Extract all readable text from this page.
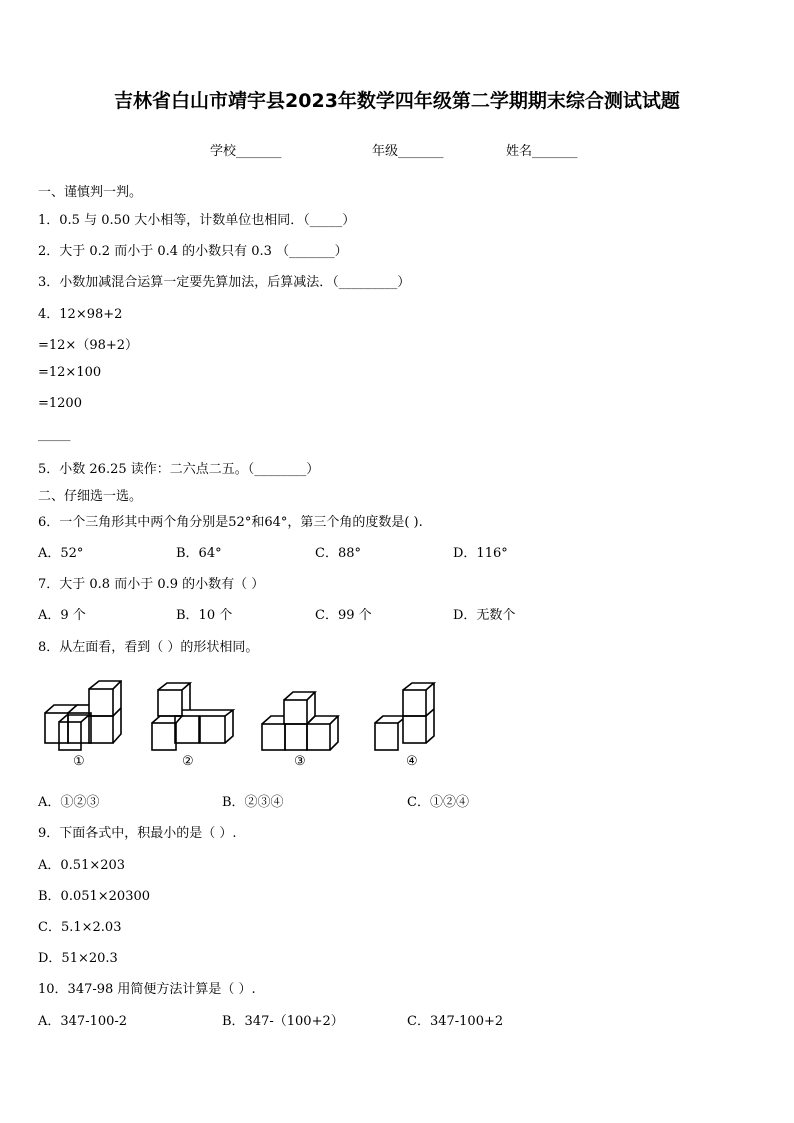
吉林省白山市靖宇县2023年数学四年级第二学期期末综合测试试题
学校_______	年级_______	姓名_______
一、谨慎判一判。
1．0.5 与 0.50 大小相等，计数单位也相同．（_____）
2．大于 0.2 而小于 0.4 的小数只有 0.3 （_______）
3．小数加减混合运算一定要先算加法，后算减法．（_________）
4．12×98+2
=12×（98+2）
=12×100
=1200
_____
5．小数 26.25 读作：二六点二五。（________）
二、仔细选一选。
6．一个三角形其中两个角分别是52°和64°，第三个角的度数是( ).
A．52°	B．64°	C．88°	D．116°
7．大于 0.8 而小于 0.9 的小数有（ ）
A．9 个	B．10 个	C．99 个	D．无数个
8．从左面看，看到（ ）的形状相同。
①	②	③	④
A．①②③	B．②③④	C．①②④
9．下面各式中，积最小的是（ ）.
A．0.51×203
B．0.051×20300
C．5.1×2.03
D．51×20.3
10．347-98 用简便方法计算是（ ）.
A．347-100-2	B．347-（100+2）	C．347-100+2
